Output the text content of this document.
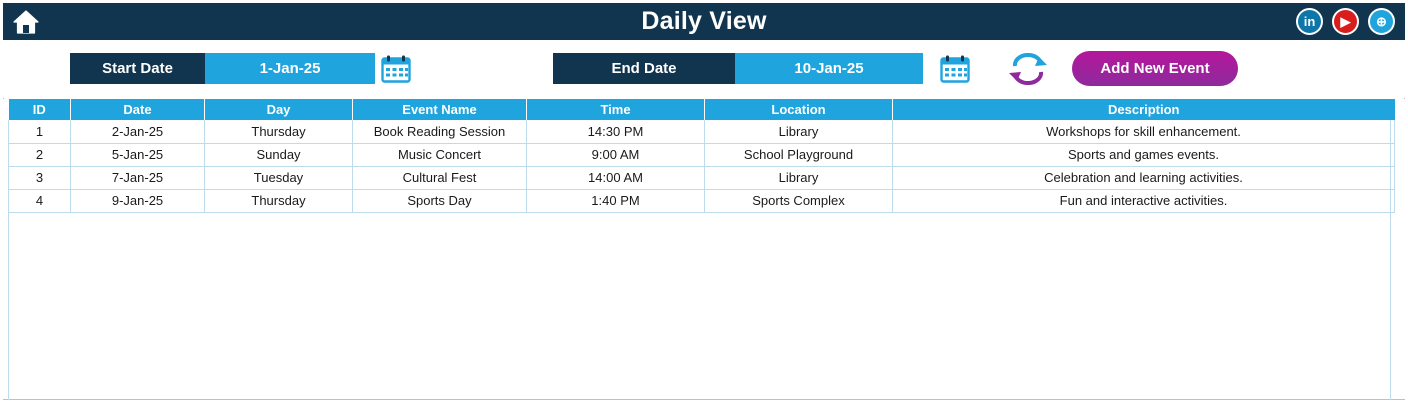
Daily View	in ▶ ⊕
Start Date	1-Jan-25	End Date	10-Jan-25	Add New Event
ID	Date	Day	Event Name	Time	Location	Description
1	2-Jan-25	Thursday	Book Reading Session	14:30 PM	Library	Workshops for skill enhancement.
2	5-Jan-25	Sunday	Music Concert	9:00 AM	School Playground	Sports and games events.
3	7-Jan-25	Tuesday	Cultural Fest	14:00 AM	Library	Celebration and learning activities.
4	9-Jan-25	Thursday	Sports Day	1:40 PM	Sports Complex	Fun and interactive activities.
